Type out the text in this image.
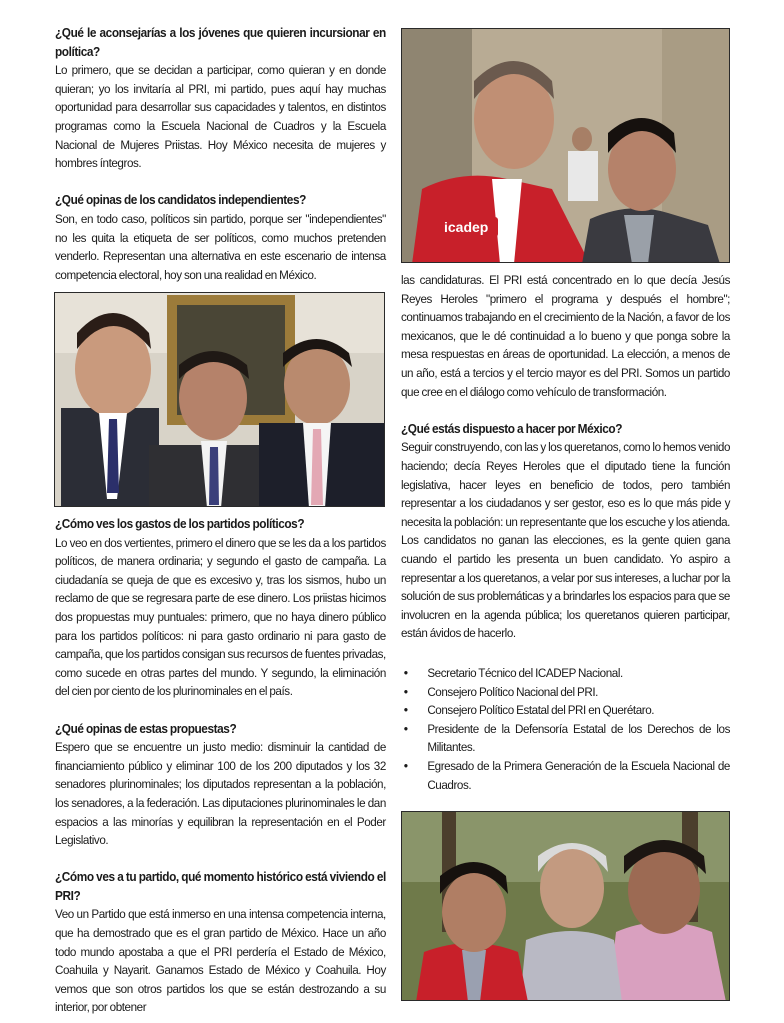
¿Qué le aconsejarías a los jóvenes que quieren incursionar en política?

Lo primero, que se decidan a participar, como quieran y en donde quieran; yo los invitaría al PRI, mi partido, pues aquí hay muchas oportunidad para desarrollar sus capacidades y talentos, en distintos programas como la Escuela Nacional de Cuadros y la Escuela Nacional de Mujeres Priistas. Hoy México necesita de mujeres y hombres íntegros.

¿Qué opinas de los candidatos independientes?

Son, en todo caso, políticos sin partido, porque ser "independientes" no les quita la etiqueta de ser políticos, como muchos pretenden venderlo. Representan una alternativa en este escenario de intensa competencia electoral, hoy son una realidad en México.

¿Cómo ves los gastos de los partidos políticos?

Lo veo en dos vertientes, primero el dinero que se les da a los partidos políticos, de manera ordinaria; y segundo el gasto de campaña. La ciudadanía se queja de que es excesivo y, tras los sismos, hubo un reclamo de que se regresara parte de ese dinero. Los priistas hicimos dos propuestas muy puntuales: primero, que no haya dinero público para los partidos políticos: ni para gasto ordinario ni para gasto de campaña, que los partidos consigan sus recursos de fuentes privadas, como sucede en otras partes del mundo. Y segundo, la eliminación del cien por ciento de los plurinominales en el país.

¿Qué opinas de estas propuestas?

Espero que se encuentre un justo medio: disminuir la cantidad de financiamiento público y eliminar 100 de los 200 diputados y los 32 senadores plurinominales; los diputados representan a la población, los senadores, a la federación. Las diputaciones plurinominales le dan espacios a las minorías y equilibran la representación en el Poder Legislativo.

¿Cómo ves a tu partido, qué momento histórico está viviendo el PRI?

Veo un Partido que está inmerso en una intensa competencia interna, que ha demostrado que es el gran partido de México. Hace un año todo mundo apostaba a que el PRI perdería el Estado de México, Coahuila y Nayarit. Ganamos Estado de México y Coahuila. Hoy vemos que son otros partidos los que se están destrozando a su interior, por obtener

icadep

las candidaturas. El PRI está concentrado en lo que decía Jesús Reyes Heroles "primero el programa y después el hombre"; continuamos trabajando en el crecimiento de la Nación, a favor de los mexicanos, que le dé continuidad a lo bueno y que ponga sobre la mesa respuestas en áreas de oportunidad. La elección, a menos de un año, está a tercios y el tercio mayor es del PRI. Somos un partido que cree en el diálogo como vehículo de transformación.

¿Qué estás dispuesto a hacer por México?

Seguir construyendo, con las y los queretanos, como lo hemos venido haciendo; decía Reyes Heroles que el diputado tiene la función legislativa, hacer leyes en beneficio de todos, pero también representar a los ciudadanos y ser gestor, eso es lo que más pide y necesita la población: un representante que los escuche y los atienda. Los candidatos no ganan las elecciones, es la gente quien gana cuando el partido les presenta un buen candidato. Yo aspiro a representar a los queretanos, a velar por sus intereses, a luchar por la solución de sus problemáticas y a brindarles los espacios para que se involucren en la agenda pública; los queretanos quieren participar, están ávidos de hacerlo.

• Secretario Técnico del ICADEP Nacional.
• Consejero Político Nacional del PRI.
• Consejero Político Estatal del PRI en Querétaro.
• Presidente de la Defensoría Estatal de los Derechos de los Militantes.
• Egresado de la Primera Generación de la Escuela Nacional de Cuadros.
